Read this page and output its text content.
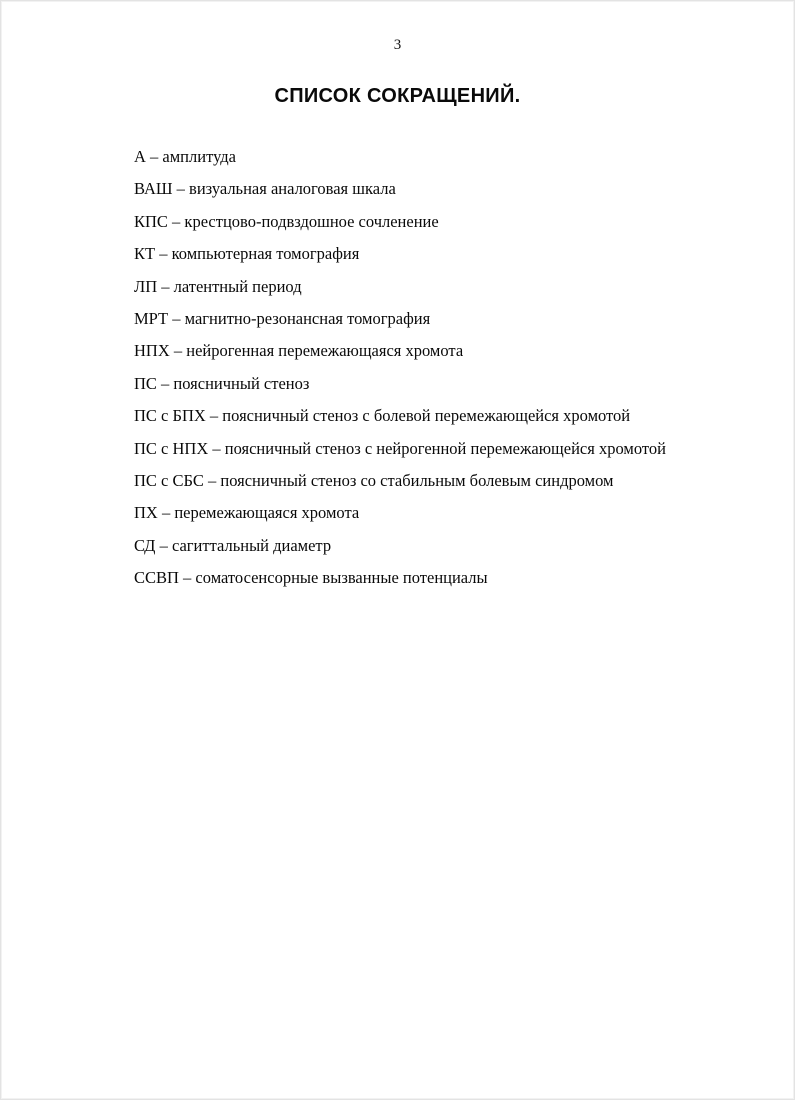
3
СПИСОК СОКРАЩЕНИЙ.
А – амплитуда
ВАШ – визуальная аналоговая шкала
КПС – крестцово-подвздошное сочленение
КТ – компьютерная томография
ЛП – латентный период
МРТ – магнитно-резонансная томография
НПХ – нейрогенная перемежающаяся хромота
ПС – поясничный стеноз
ПС с БПХ – поясничный стеноз с болевой перемежающейся хромотой
ПС с НПХ – поясничный стеноз с нейрогенной перемежающейся хромотой
ПС с СБС – поясничный стеноз со стабильным болевым синдромом
ПХ – перемежающаяся хромота
СД – сагиттальный диаметр
ССВП – соматосенсорные вызванные потенциалы
